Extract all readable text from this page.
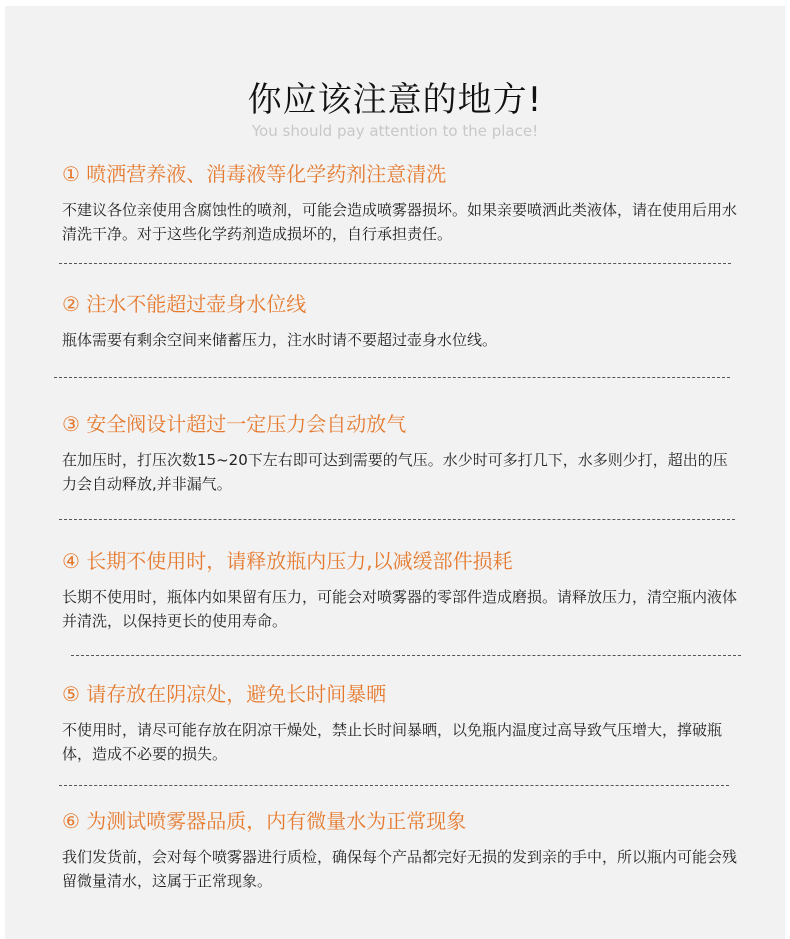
你应该注意的地方!
You should pay attention to the place!
① 喷洒营养液、消毒液等化学药剂注意清洗

不建议各位亲使用含腐蚀性的喷剂，可能会造成喷雾器损坏。如果亲要喷洒此类液体，请在使用后用水清洗干净。对于这些化学药剂造成损坏的，自行承担责任。

② 注水不能超过壶身水位线

瓶体需要有剩余空间来储蓄压力，注水时请不要超过壶身水位线。

③ 安全阀设计超过一定压力会自动放气

在加压时，打压次数15~20下左右即可达到需要的气压。水少时可多打几下，水多则少打，超出的压力会自动释放,并非漏气。

④ 长期不使用时，请释放瓶内压力,以减缓部件损耗

长期不使用时，瓶体内如果留有压力，可能会对喷雾器的零部件造成磨损。请释放压力，清空瓶内液体并清洗，以保持更长的使用寿命。

⑤ 请存放在阴凉处，避免长时间暴晒

不使用时，请尽可能存放在阴凉干燥处，禁止长时间暴晒，以免瓶内温度过高导致气压增大，撑破瓶体，造成不必要的损失。

⑥ 为测试喷雾器品质，内有微量水为正常现象

我们发货前，会对每个喷雾器进行质检，确保每个产品都完好无损的发到亲的手中，所以瓶内可能会残留微量清水，这属于正常现象。
